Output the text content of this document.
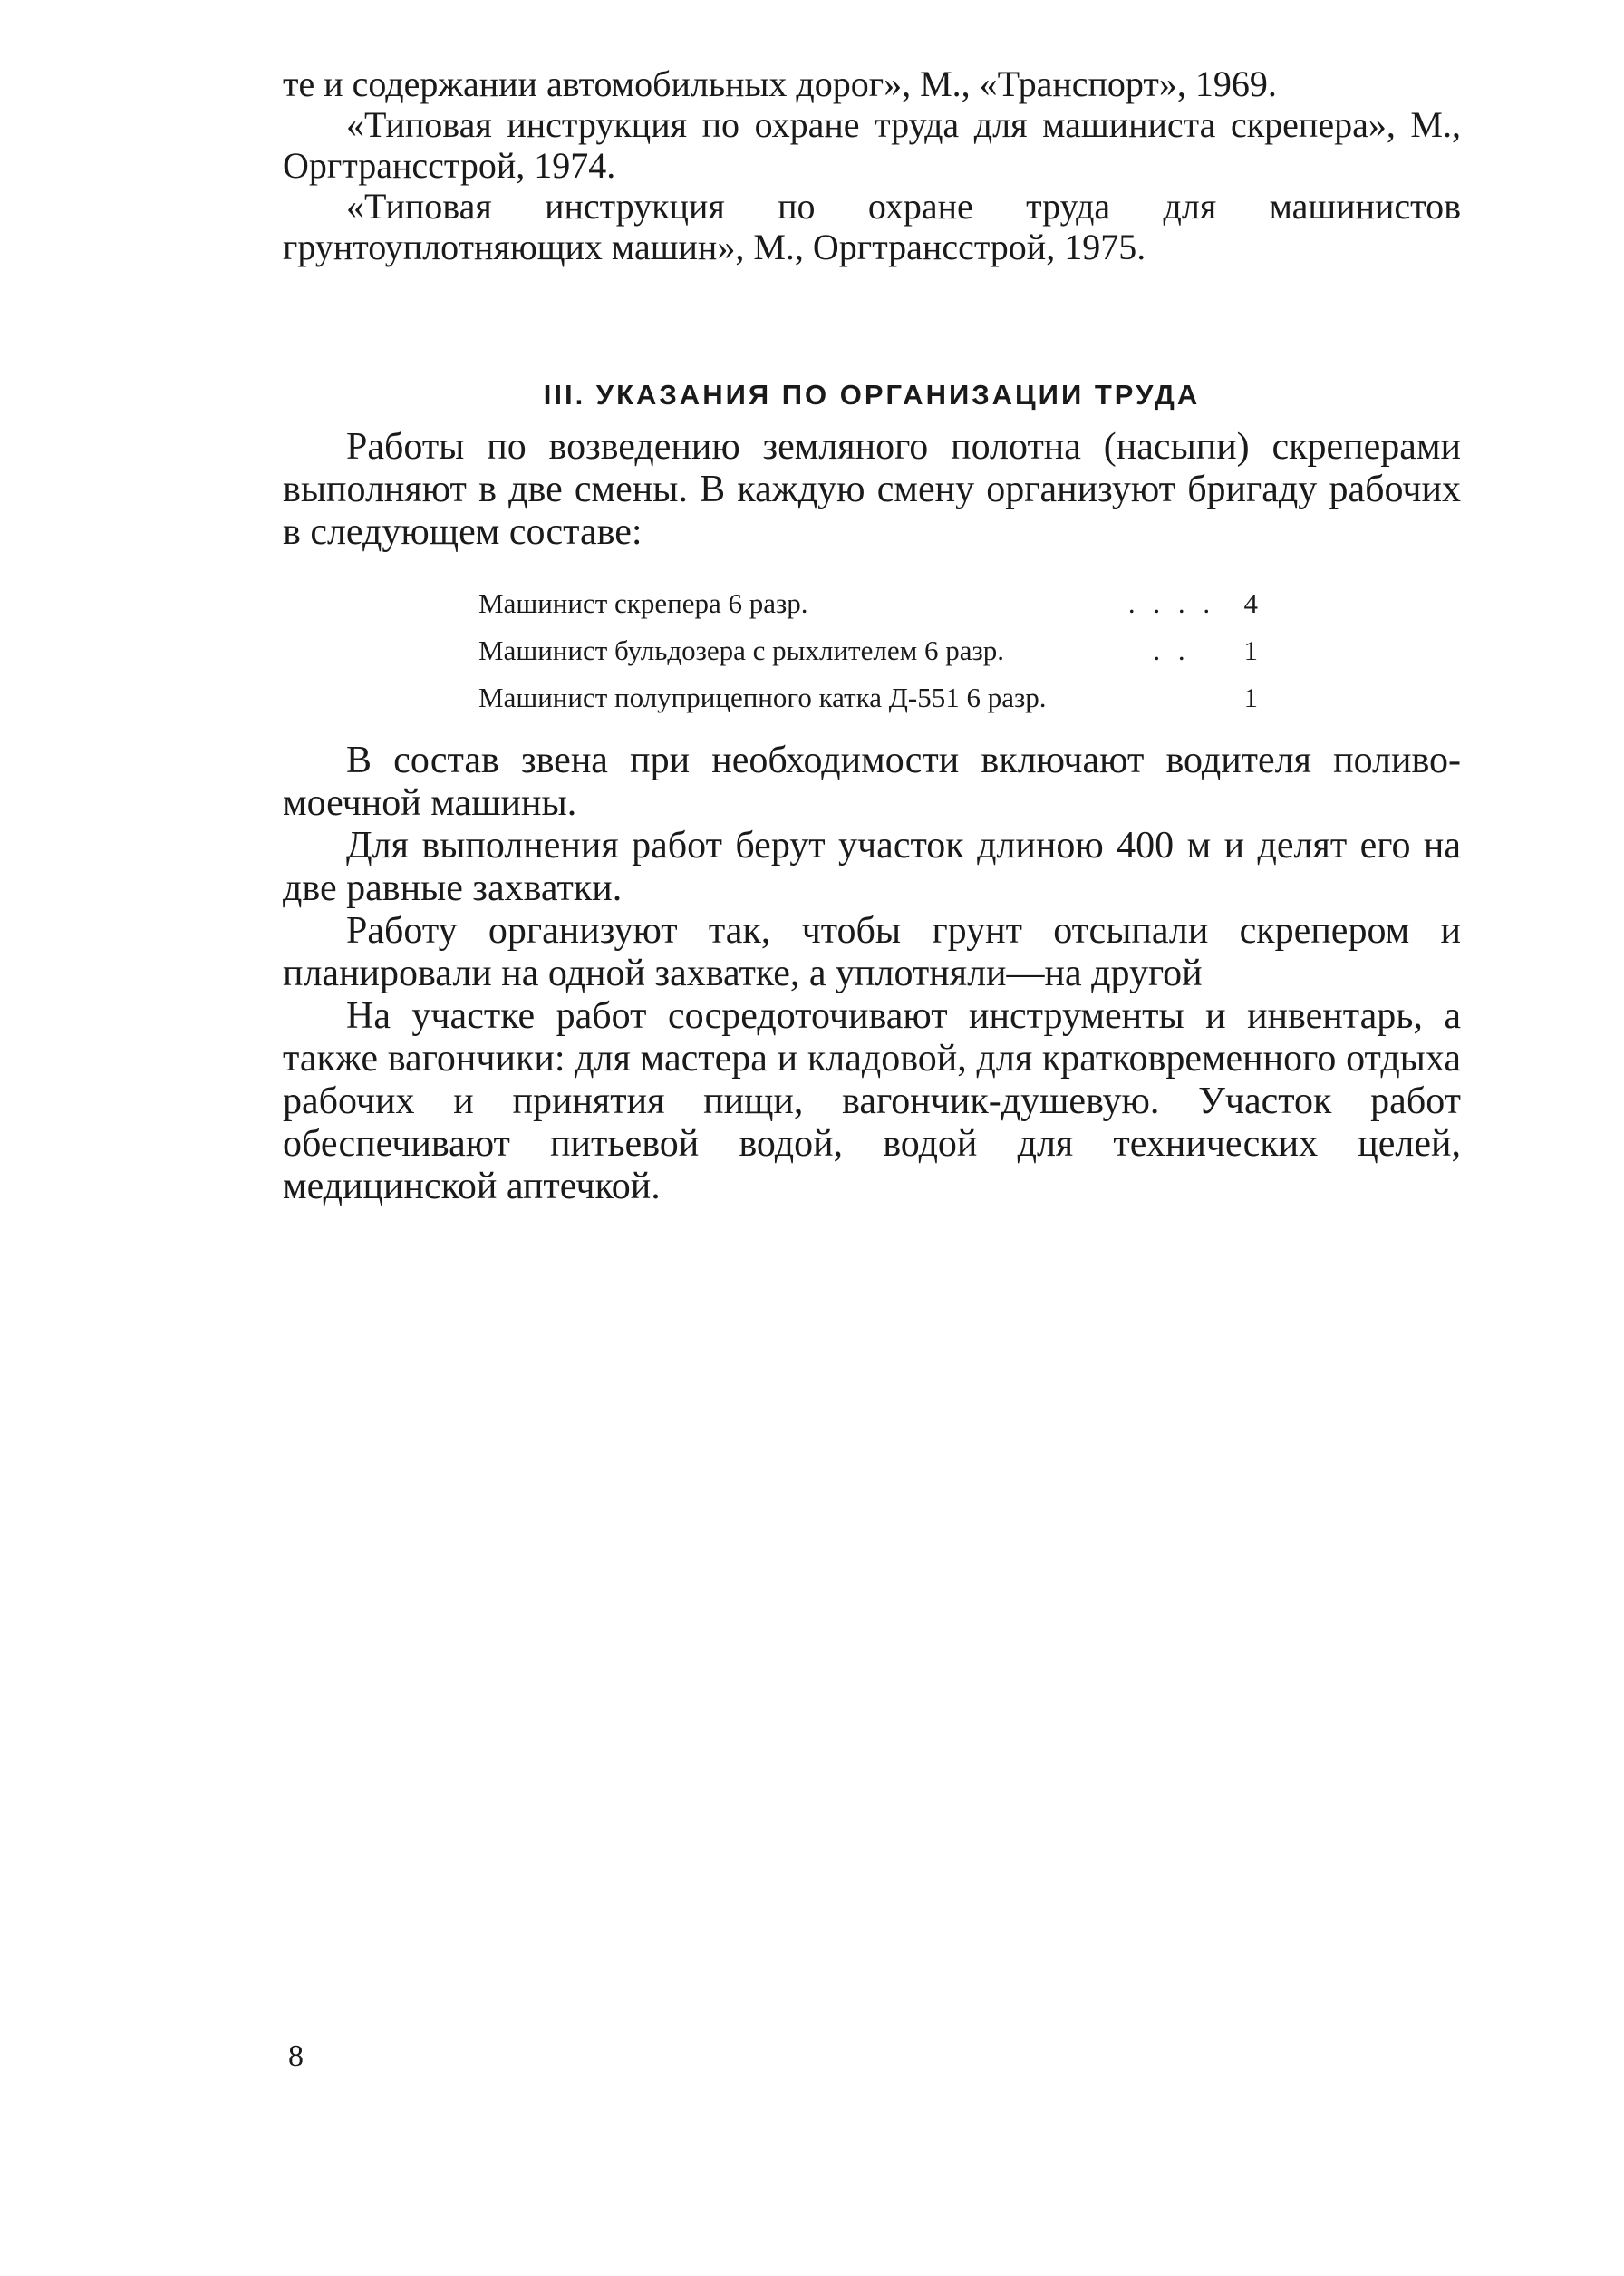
те и содержании автомобильных дорог», М., «Транспорт», 1969.

«Типовая инструкция по охране труда для машиниста скрепера», М., Оргтрансстрой, 1974.

«Типовая инструкция по охране труда для машинистов грунтоуплотняющих машин», М., Оргтрансстрой, 1975.

III. УКАЗАНИЯ ПО ОРГАНИЗАЦИИ ТРУДА

Работы по возведению земляного полотна (насыпи) скреперами выполняют в две смены. В каждую смену организуют бригаду рабочих в следующем составе:

Машинист скрепера 6 разр.	. . . .	4
Машинист бульдозера с рыхлителем 6 разр.	. .	1
Машинист полуприцепного катка Д-551 6 разр.		1

В состав звена при необходимости включают водителя поливо-моечной машины.

Для выполнения работ берут участок длиною 400 м и делят его на две равные захватки.

Работу организуют так, чтобы грунт отсыпали скрепером и планировали на одной захватке, а уплотняли—на другой

На участке работ сосредоточивают инструменты и инвентарь, а также вагончики: для мастера и кладовой, для кратковременного отдыха рабочих и принятия пищи, вагончик-душевую. Участок работ обеспечивают питьевой водой, водой для технических целей, медицинской аптечкой.

8
